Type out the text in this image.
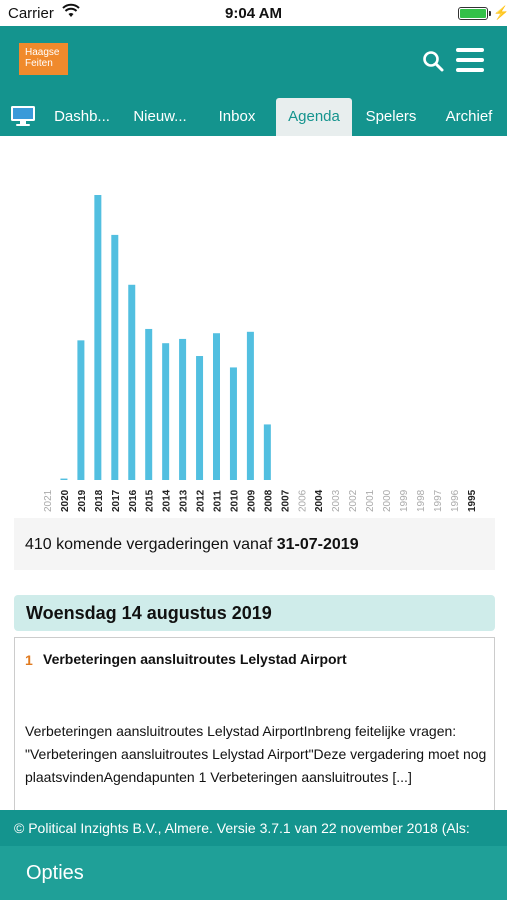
Carrier	9:04 AM	⚡
Haagse
Feiten
Dashb...	Nieuw...	Inbox	Agenda	Spelers	Archief
2021 2020 2019 2018 2017 2016 2015 2014 2013 2012 2011 2010 2009 2008 2007 2006 2004 2003 2002 2001 2000 1999 1998 1997 1996 1995
410 komende vergaderingen vanaf 31-07-2019
Woensdag 14 augustus 2019
1 Verbeteringen aansluitroutes Lelystad Airport
Verbeteringen aansluitroutes Lelystad AirportInbreng feitelijke vragen: "Verbeteringen aansluitroutes Lelystad Airport"Deze vergadering moet nog plaatsvindenAgendapunten 1 Verbeteringen aansluitroutes [...]
© Political Inzights B.V., Almere. Versie 3.7.1 van 22 november 2018 (Als:
Opties
